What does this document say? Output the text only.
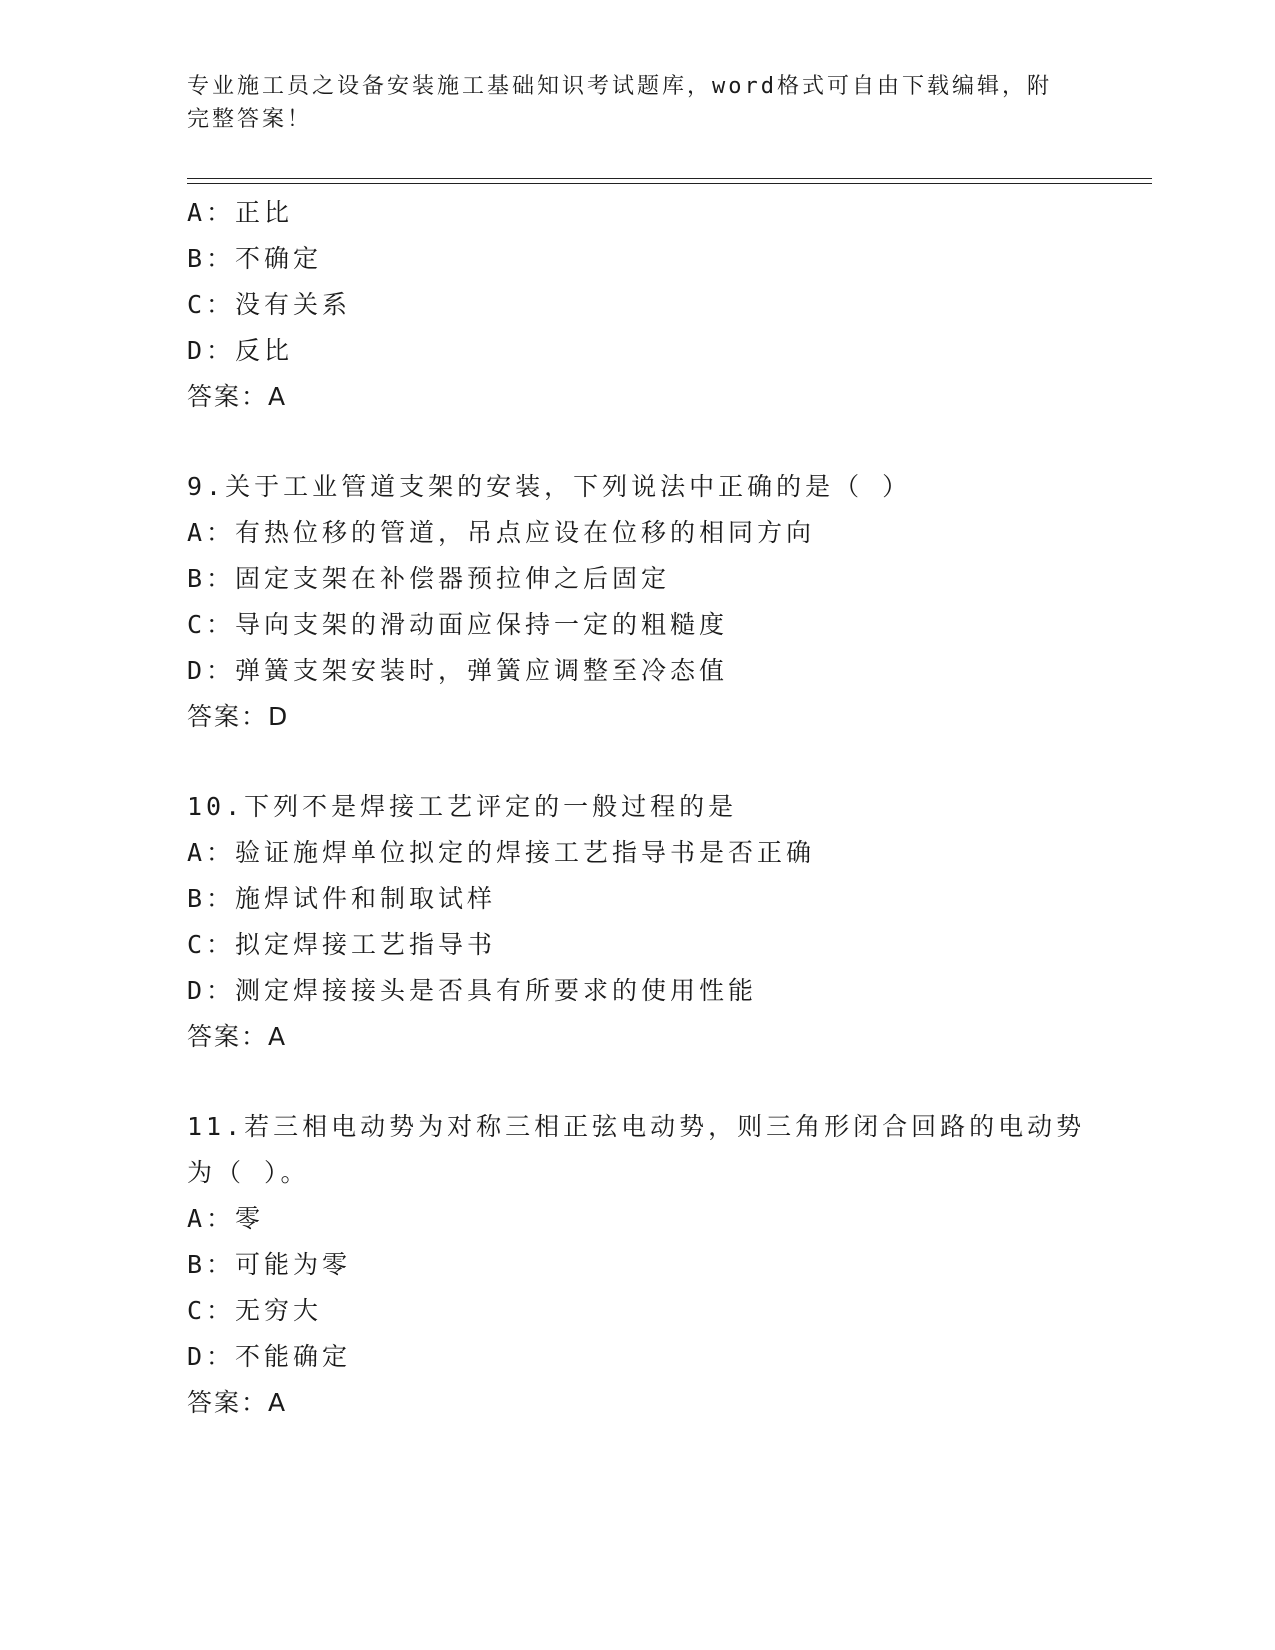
专业施工员之设备安装施工基础知识考试题库，word格式可自由下载编辑，附完整答案！
A：正比
B：不确定
C：没有关系
D：反比
答案：A
9.关于工业管道支架的安装，下列说法中正确的是（ ）
A：有热位移的管道，吊点应设在位移的相同方向
B：固定支架在补偿器预拉伸之后固定
C：导向支架的滑动面应保持一定的粗糙度
D：弹簧支架安装时，弹簧应调整至冷态值
答案：D
10.下列不是焊接工艺评定的一般过程的是
A：验证施焊单位拟定的焊接工艺指导书是否正确
B：施焊试件和制取试样
C：拟定焊接工艺指导书
D：测定焊接接头是否具有所要求的使用性能
答案：A
11.若三相电动势为对称三相正弦电动势，则三角形闭合回路的电动势为（ ）。
A：零
B：可能为零
C：无穷大
D：不能确定
答案：A
